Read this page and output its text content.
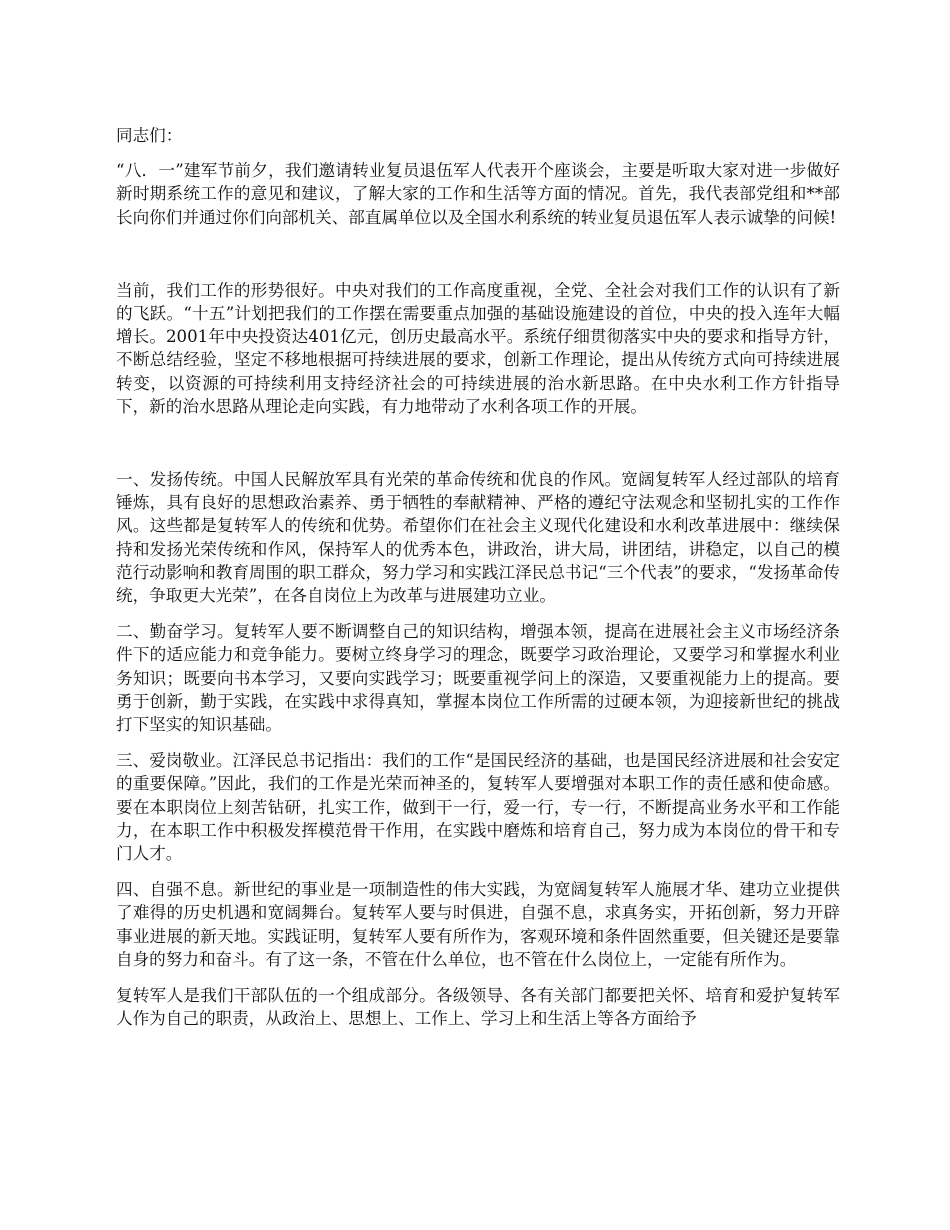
同志们：

“八．一”建军节前夕，我们邀请转业复员退伍军人代表开个座谈会，主要是听取大家对进一步做好新时期系统工作的意见和建议，了解大家的工作和生活等方面的情况。首先，我代表部党组和**部长向你们并通过你们向部机关、部直属单位以及全国水利系统的转业复员退伍军人表示诚挚的问候!

当前，我们工作的形势很好。中央对我们的工作高度重视，全党、全社会对我们工作的认识有了新的飞跃。“十五”计划把我们的工作摆在需要重点加强的基础设施建设的首位，中央的投入连年大幅增长。2001年中央投资达401亿元，创历史最高水平。系统仔细贯彻落实中央的要求和指导方针，不断总结经验，坚定不移地根据可持续进展的要求，创新工作理论，提出从传统方式向可持续进展转变，以资源的可持续利用支持经济社会的可持续进展的治水新思路。在中央水利工作方针指导下，新的治水思路从理论走向实践，有力地带动了水利各项工作的开展。

一、发扬传统。中国人民解放军具有光荣的革命传统和优良的作风。宽阔复转军人经过部队的培育锤炼，具有良好的思想政治素养、勇于牺牲的奉献精神、严格的遵纪守法观念和坚韧扎实的工作作风。这些都是复转军人的传统和优势。希望你们在社会主义现代化建设和水利改革进展中：继续保持和发扬光荣传统和作风，保持军人的优秀本色，讲政治，讲大局，讲团结，讲稳定，以自己的模范行动影响和教育周围的职工群众，努力学习和实践江泽民总书记“三个代表”的要求，“发扬革命传统，争取更大光荣”，在各自岗位上为改革与进展建功立业。

二、勤奋学习。复转军人要不断调整自己的知识结构，增强本领，提高在进展社会主义市场经济条件下的适应能力和竞争能力。要树立终身学习的理念，既要学习政治理论，又要学习和掌握水利业务知识；既要向书本学习，又要向实践学习；既要重视学问上的深造，又要重视能力上的提高。要勇于创新，勤于实践，在实践中求得真知，掌握本岗位工作所需的过硬本领，为迎接新世纪的挑战打下坚实的知识基础。

三、爱岗敬业。江泽民总书记指出：我们的工作“是国民经济的基础，也是国民经济进展和社会安定的重要保障。”因此，我们的工作是光荣而神圣的，复转军人要增强对本职工作的责任感和使命感。要在本职岗位上刻苦钻研，扎实工作，做到干一行，爱一行，专一行，不断提高业务水平和工作能力，在本职工作中积极发挥模范骨干作用，在实践中磨炼和培育自己，努力成为本岗位的骨干和专门人才。

四、自强不息。新世纪的事业是一项制造性的伟大实践，为宽阔复转军人施展才华、建功立业提供了难得的历史机遇和宽阔舞台。复转军人要与时俱进，自强不息，求真务实，开拓创新，努力开辟事业进展的新天地。实践证明，复转军人要有所作为，客观环境和条件固然重要，但关键还是要靠自身的努力和奋斗。有了这一条，不管在什么单位，也不管在什么岗位上，一定能有所作为。

复转军人是我们干部队伍的一个组成部分。各级领导、各有关部门都要把关怀、培育和爱护复转军人作为自己的职责，从政治上、思想上、工作上、学习上和生活上等各方面给予
